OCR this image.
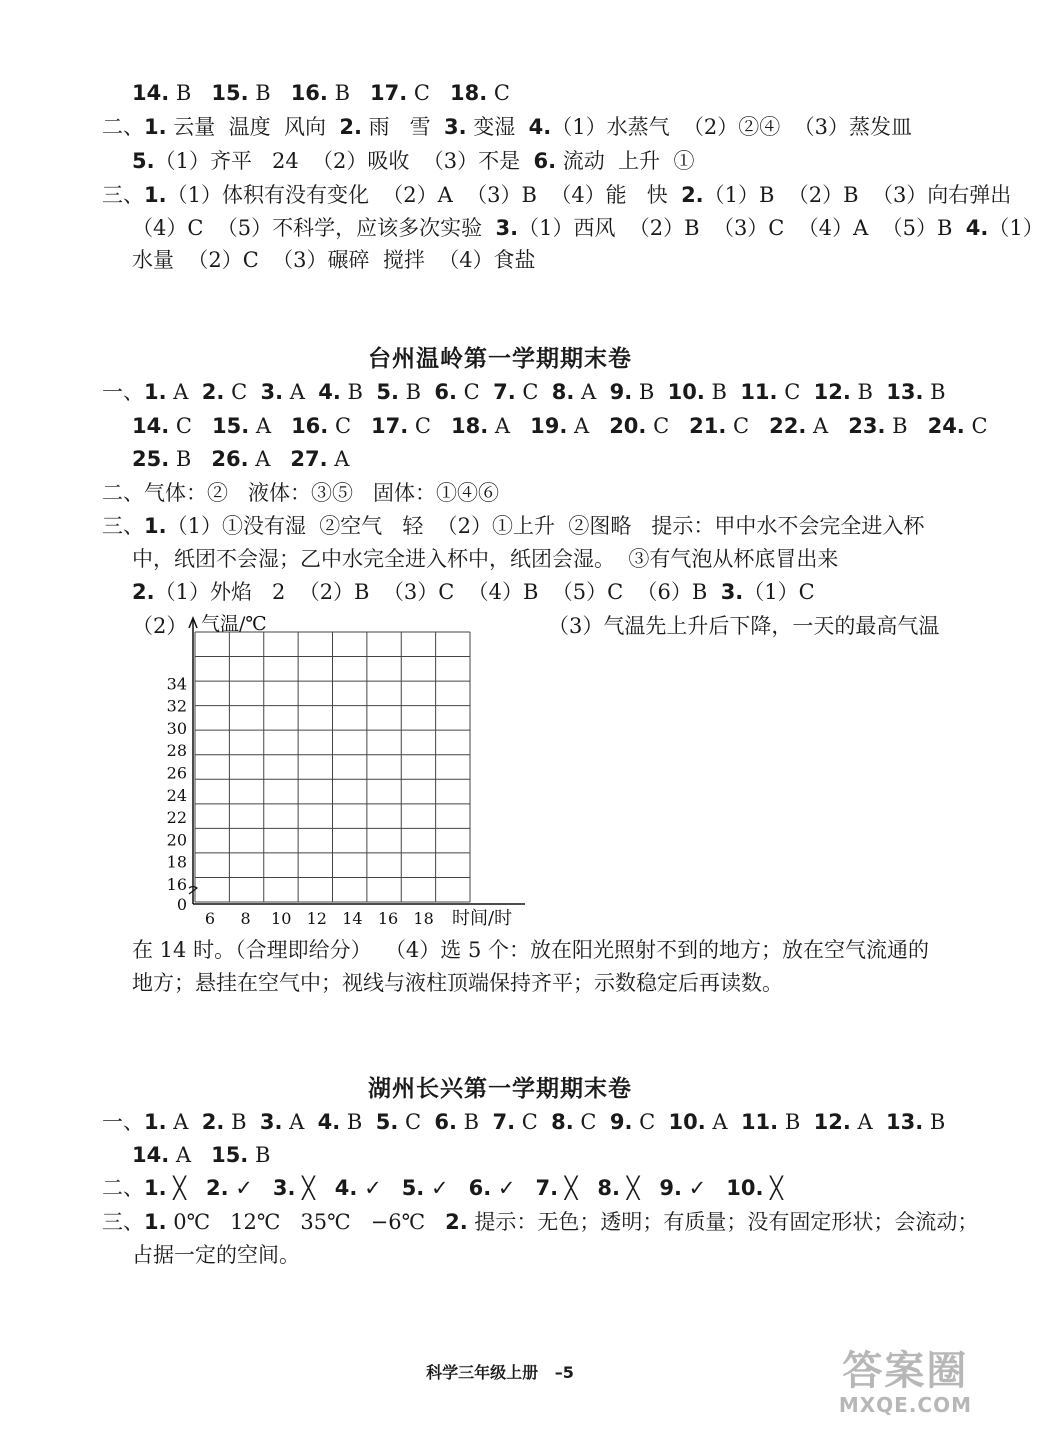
14. B   15. B   16. B   17. C   18. C
二、1. 云量  温度  风向  2. 雨   雪  3. 变湿  4.（1）水蒸气  （2）②④  （3）蒸发皿
5.（1）齐平   24  （2）吸收  （3）不是  6. 流动  上升  ①
三、1.（1）体积有没有变化  （2）A  （3）B  （4）能   快  2.（1）B  （2）B  （3）向右弹出
（4）C  （5）不科学，应该多次实验  3.（1）西风  （2）B  （3）C  （4）A  （5）B  4.（1）
水量  （2）C  （3）碾碎  搅拌  （4）食盐
一、1. A  2. C  3. A  4. B  5. B  6. C  7. C  8. A  9. B  10. B  11. C  12. B  13. B
14. C   15. A   16. C   17. C   18. A   19. A   20. C   21. C   22. A   23. B   24. C
25. B   26. A   27. A
二、气体：②   液体：③⑤   固体：①④⑥
三、1.（1）①没有湿  ②空气   轻  （2）①上升  ②图略   提示：甲中水不会完全进入杯
中，纸团不会湿；乙中水完全进入杯中，纸团会湿。  ③有气泡从杯底冒出来
2.（1）外焰   2  （2）B  （3）C  （4）B  （5）C  （6）B  3.（1）C
（2）	（3）气温先上升后下降，一天的最高气温
在 14 时。（合理即给分）  （4）选 5 个：放在阳光照射不到的地方；放在空气流通的
地方；悬挂在空气中；视线与液柱顶端保持齐平；示数稳定后再读数。
一、1. A  2. B  3. A  4. B  5. C  6. B  7. C  8. C  9. C  10. A  11. B  12. A  13. B
14. A   15. B
二、1. ╳   2. ✓   3. ╳   4. ✓   5. ✓   6. ✓   7. ╳   8. ╳   9. ✓   10. ╳
三、1. 0℃   12℃   35℃   −6℃   2. 提示：无色；透明；有质量；没有固定形状；会流动；
占据一定的空间。
台州温岭第一学期期末卷
湖州长兴第一学期期末卷
气温/℃
时间/时
0
16
18
20
22
24
26
28
30
32
34
6 8 10 12 14 16 18
科学三年级上册   –5	答案圈
MXQE.COM
